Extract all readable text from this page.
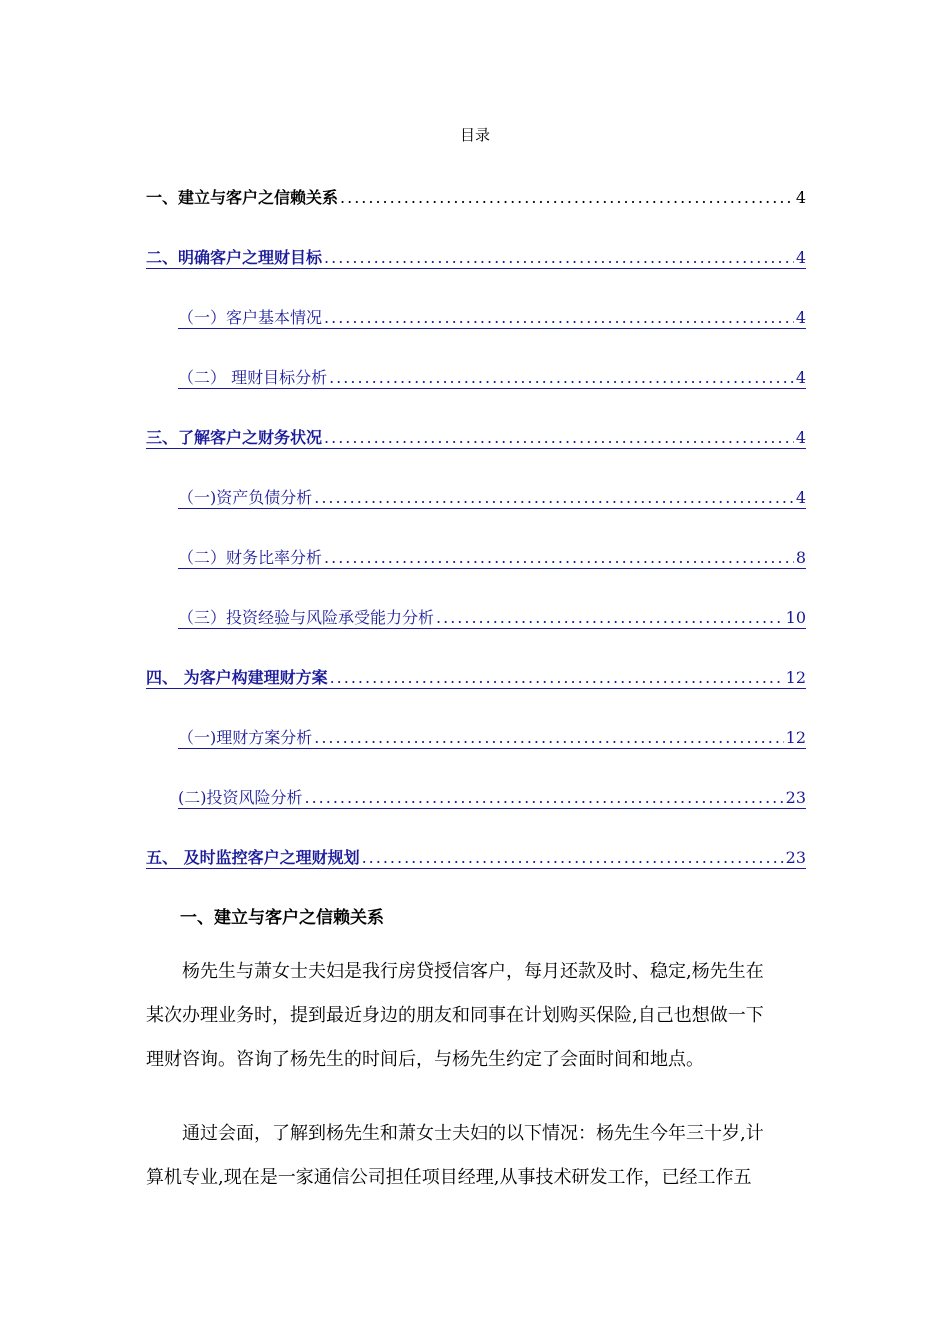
目录
一、建立与客户之信赖关系 .....	4
二、明确客户之理财目标 .....	4
（一）客户基本情况 .....	4
（二） 理财目标分析 .....	4
三、了解客户之财务状况 .....	4
（一)资产负债分析 .....	4
（二）财务比率分析 .....	8
（三）投资经验与风险承受能力分析 .....	10
四、 为客户构建理财方案 .....	12
（一)理财方案分析 .....	12
(二)投资风险分析 .....	23
五、 及时监控客户之理财规划 .....	23
一、建立与客户之信赖关系
杨先生与萧女士夫妇是我行房贷授信客户，每月还款及时、稳定,杨先生在
某次办理业务时，提到最近身边的朋友和同事在计划购买保险,自己也想做一下
理财咨询。咨询了杨先生的时间后，与杨先生约定了会面时间和地点。
通过会面，了解到杨先生和萧女士夫妇的以下情况：杨先生今年三十岁,计
算机专业,现在是一家通信公司担任项目经理,从事技术研发工作，已经工作五
